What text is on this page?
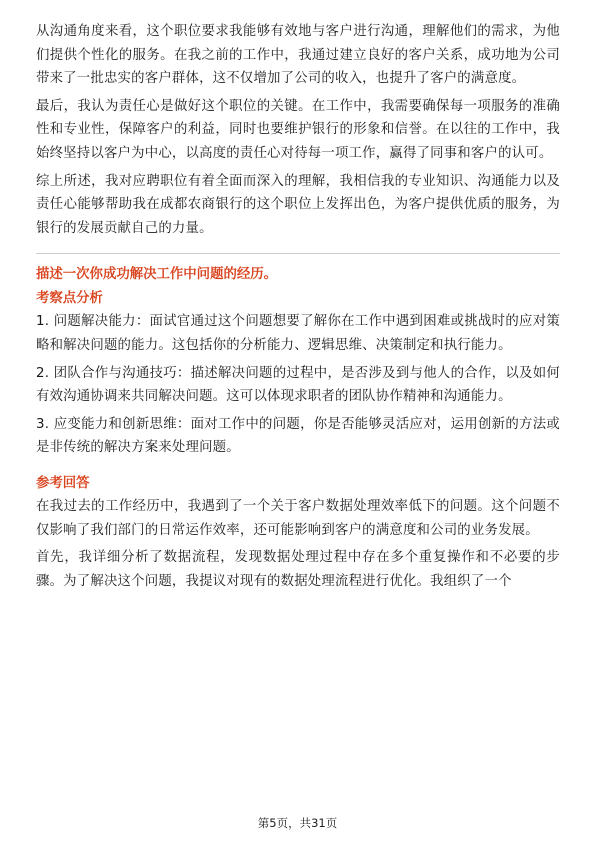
从沟通角度来看，这个职位要求我能够有效地与客户进行沟通，理解他们的需求，为他们提供个性化的服务。在我之前的工作中，我通过建立良好的客户关系，成功地为公司带来了一批忠实的客户群体，这不仅增加了公司的收入，也提升了客户的满意度。

最后，我认为责任心是做好这个职位的关键。在工作中，我需要确保每一项服务的准确性和专业性，保障客户的利益，同时也要维护银行的形象和信誉。在以往的工作中，我始终坚持以客户为中心，以高度的责任心对待每一项工作，赢得了同事和客户的认可。

综上所述，我对应聘职位有着全面而深入的理解，我相信我的专业知识、沟通能力以及责任心能够帮助我在成都农商银行的这个职位上发挥出色，为客户提供优质的服务，为银行的发展贡献自己的力量。

描述一次你成功解决工作中问题的经历。
考察点分析

1. 问题解决能力：面试官通过这个问题想要了解你在工作中遇到困难或挑战时的应对策略和解决问题的能力。这包括你的分析能力、逻辑思维、决策制定和执行能力。

2. 团队合作与沟通技巧：描述解决问题的过程中，是否涉及到与他人的合作，以及如何有效沟通协调来共同解决问题。这可以体现求职者的团队协作精神和沟通能力。

3. 应变能力和创新思维：面对工作中的问题，你是否能够灵活应对，运用创新的方法或是非传统的解决方案来处理问题。

参考回答

在我过去的工作经历中，我遇到了一个关于客户数据处理效率低下的问题。这个问题不仅影响了我们部门的日常运作效率，还可能影响到客户的满意度和公司的业务发展。

首先，我详细分析了数据流程，发现数据处理过程中存在多个重复操作和不必要的步骤。为了解决这个问题，我提议对现有的数据处理流程进行优化。我组织了一个

第5页，共31页
